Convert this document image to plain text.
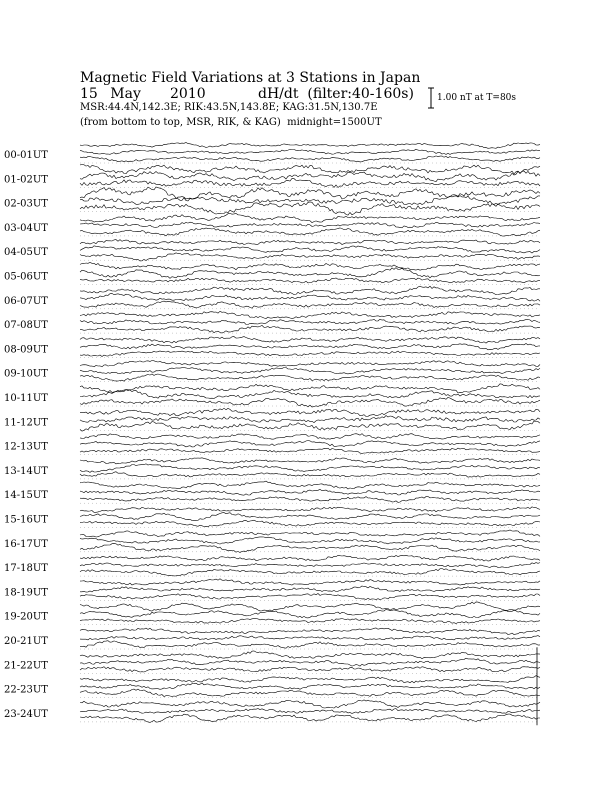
Magnetic Field Variations at 3 Stations in Japan
15 May 2010	dH/dt (filter:40-160s)
MSR:44.4N,142.3E; RIK:43.5N,143.8E; KAG:31.5N,130.7E
(from bottom to top, MSR, RIK, & KAG) midnight=1500UT
1.00 nT at T=80s
00-01UT
01-02UT
02-03UT
03-04UT
04-05UT
05-06UT
06-07UT
07-08UT
08-09UT
09-10UT
10-11UT
11-12UT
12-13UT
13-14UT
14-15UT
15-16UT
16-17UT
17-18UT
18-19UT
19-20UT
20-21UT
21-22UT
22-23UT
23-24UT
